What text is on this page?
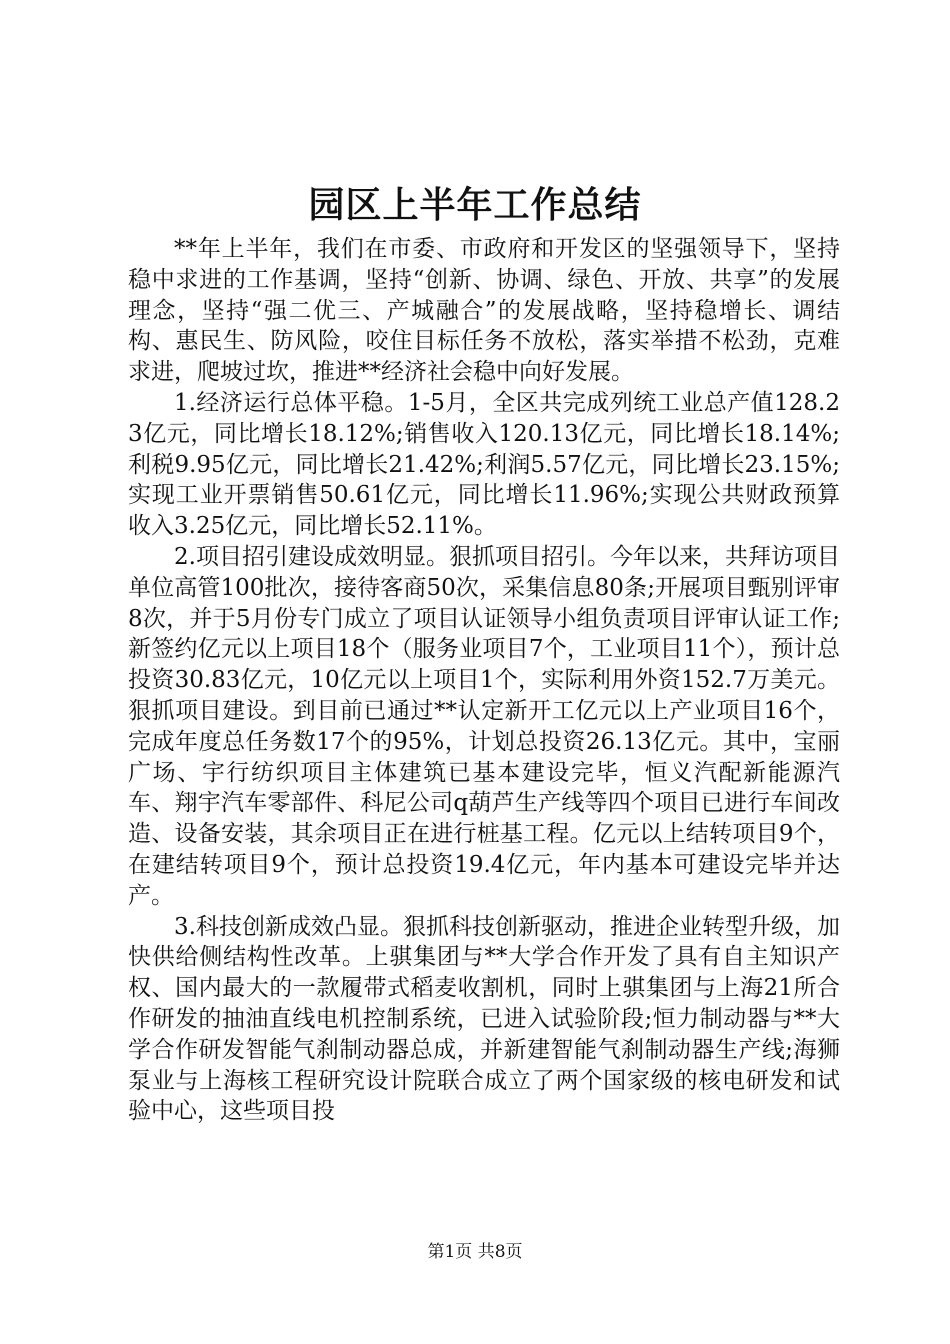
园区上半年工作总结

**年上半年，我们在市委、市政府和开发区的坚强领导下，坚持稳中求进的工作基调，坚持“创新、协调、绿色、开放、共享”的发展理念，坚持“强二优三、产城融合”的发展战略，坚持稳增长、调结构、惠民生、防风险，咬住目标任务不放松，落实举措不松劲，克难求进，爬坡过坎，推进**经济社会稳中向好发展。

1.经济运行总体平稳。1-5月，全区共完成列统工业总产值128.23亿元，同比增长18.12%;销售收入120.13亿元，同比增长18.14%;利税9.95亿元，同比增长21.42%;利润5.57亿元，同比增长23.15%;实现工业开票销售50.61亿元，同比增长11.96%;实现公共财政预算收入3.25亿元，同比增长52.11%。

2.项目招引建设成效明显。狠抓项目招引。今年以来，共拜访项目单位高管100批次，接待客商50次，采集信息80条;开展项目甄别评审8次，并于5月份专门成立了项目认证领导小组负责项目评审认证工作;新签约亿元以上项目18个（服务业项目7个，工业项目11个），预计总投资30.83亿元，10亿元以上项目1个，实际利用外资152.7万美元。狠抓项目建设。到目前已通过**认定新开工亿元以上产业项目16个，完成年度总任务数17个的95%，计划总投资26.13亿元。其中，宝丽广场、宇行纺织项目主体建筑已基本建设完毕，恒义汽配新能源汽车、翔宇汽车零部件、科尼公司q葫芦生产线等四个项目已进行车间改造、设备安装，其余项目正在进行桩基工程。亿元以上结转项目9个，在建结转项目9个，预计总投资19.4亿元，年内基本可建设完毕并达产。

3.科技创新成效凸显。狠抓科技创新驱动，推进企业转型升级，加快供给侧结构性改革。上骐集团与**大学合作开发了具有自主知识产权、国内最大的一款履带式稻麦收割机，同时上骐集团与上海21所合作研发的抽油直线电机控制系统，已进入试验阶段;恒力制动器与**大学合作研发智能气刹制动器总成，并新建智能气刹制动器生产线;海狮泵业与上海核工程研究设计院联合成立了两个国家级的核电研发和试验中心，这些项目投

第1页 共8页
